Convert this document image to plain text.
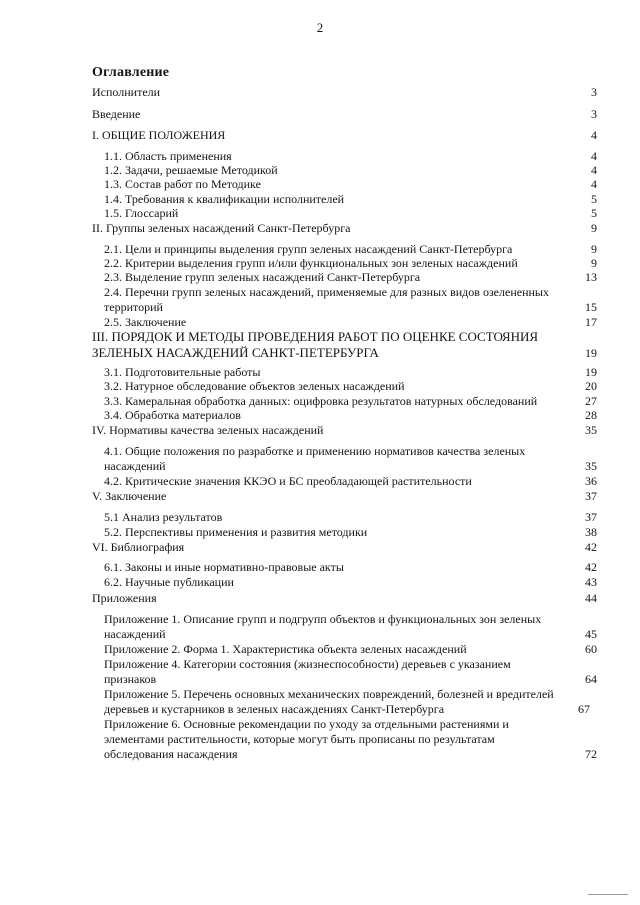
2
Оглавление
Исполнители	3
Введение	3
I. ОБЩИЕ ПОЛОЖЕНИЯ	4
1.1. Область применения	4
1.2. Задачи, решаемые Методикой	4
1.3. Состав работ по Методике	4
1.4. Требования к квалификации исполнителей	5
1.5. Глоссарий	5
II. Группы зеленых насаждений Санкт-Петербурга	9
2.1. Цели и принципы выделения групп зеленых насаждений Санкт-Петербурга	9
2.2. Критерии выделения групп и/или функциональных зон зеленых насаждений	9
2.3. Выделение групп зеленых насаждений Санкт-Петербурга	13
2.4. Перечни групп зеленых насаждений, применяемые для разных видов озелененных
территорий	15
2.5. Заключение	17
III. ПОРЯДОК И МЕТОДЫ ПРОВЕДЕНИЯ РАБОТ ПО ОЦЕНКЕ СОСТОЯНИЯ
ЗЕЛЕНЫХ НАСАЖДЕНИЙ САНКТ-ПЕТЕРБУРГА	19
3.1. Подготовительные работы	19
3.2. Натурное обследование объектов зеленых насаждений	20
3.3. Камеральная обработка данных: оцифровка результатов натурных обследований	27
3.4. Обработка материалов	28
IV. Нормативы качества зеленых насаждений	35
4.1. Общие положения по разработке и применению нормативов качества зеленых
насаждений	35
4.2. Критические значения ККЭО и БС преобладающей растительности	36
V. Заключение	37
5.1 Анализ результатов	37
5.2. Перспективы применения и развития методики	38
VI. Библиография	42
6.1. Законы и иные нормативно-правовые акты	42
6.2. Научные публикации	43
Приложения	44
Приложение 1. Описание групп и подгрупп объектов и функциональных зон зеленых
насаждений	45
Приложение 2. Форма 1. Характеристика объекта зеленых насаждений	60
Приложение 4. Категории состояния (жизнеспособности) деревьев с указанием
признаков	64
Приложение 5. Перечень основных механических повреждений, болезней и вредителей
деревьев и кустарников в зеленых насаждениях Санкт-Петербурга	67
Приложение 6. Основные рекомендации по уходу за отдельными растениями и
элементами растительности, которые могут быть прописаны по результатам
обследования насаждения	72
